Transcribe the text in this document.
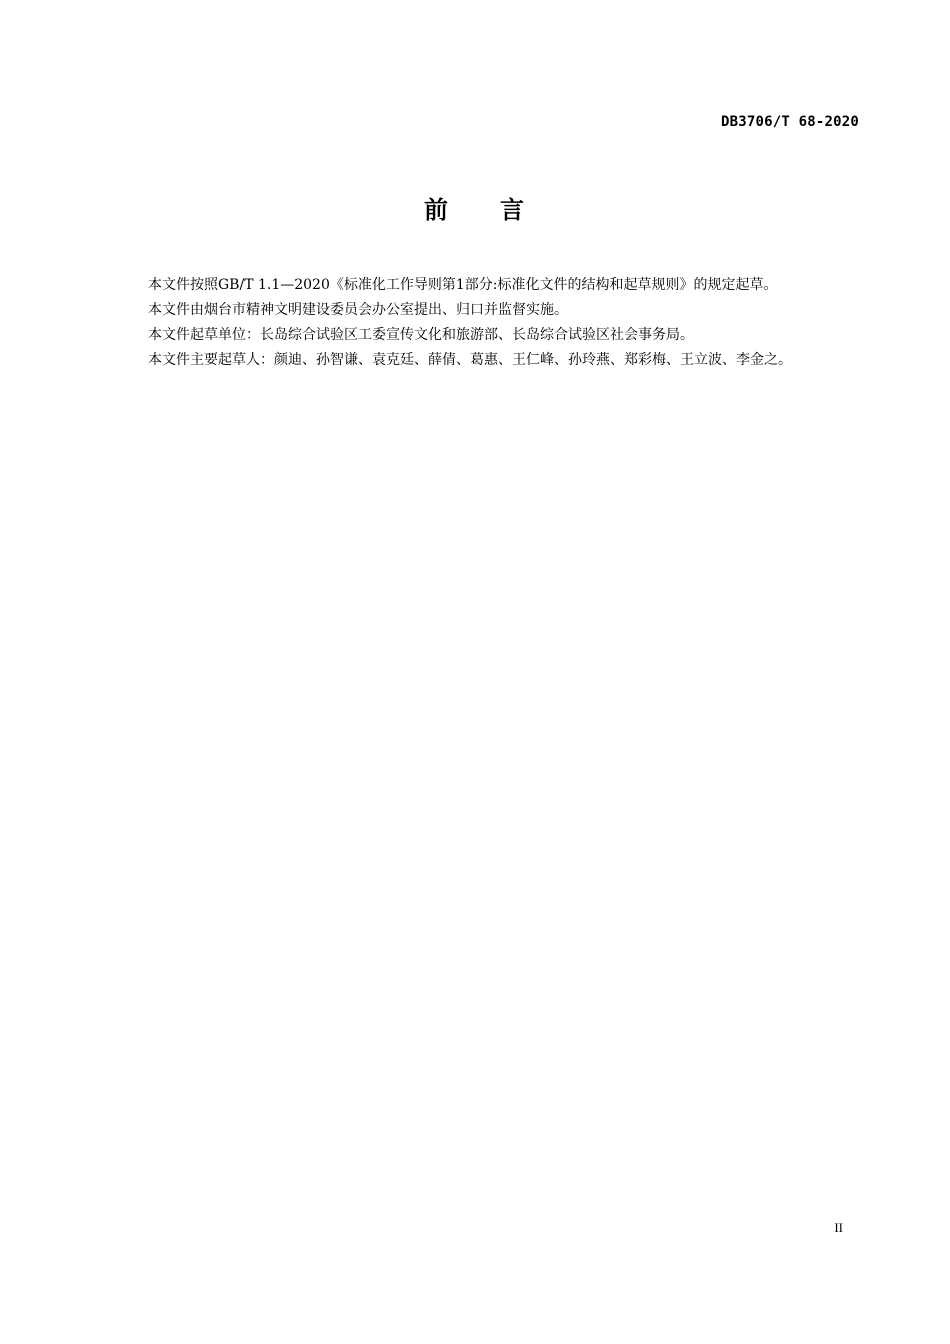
DB3706/T 68-2020
前 言

本文件按照GB/T 1.1—2020《标准化工作导则第1部分:标准化文件的结构和起草规则》的规定起草。

本文件由烟台市精神文明建设委员会办公室提出、归口并监督实施。

本文件起草单位：长岛综合试验区工委宣传文化和旅游部、长岛综合试验区社会事务局。

本文件主要起草人：颜迪、孙智谦、袁克廷、薛倩、葛惠、王仁峰、孙玲燕、郑彩梅、王立波、李金之。

II
